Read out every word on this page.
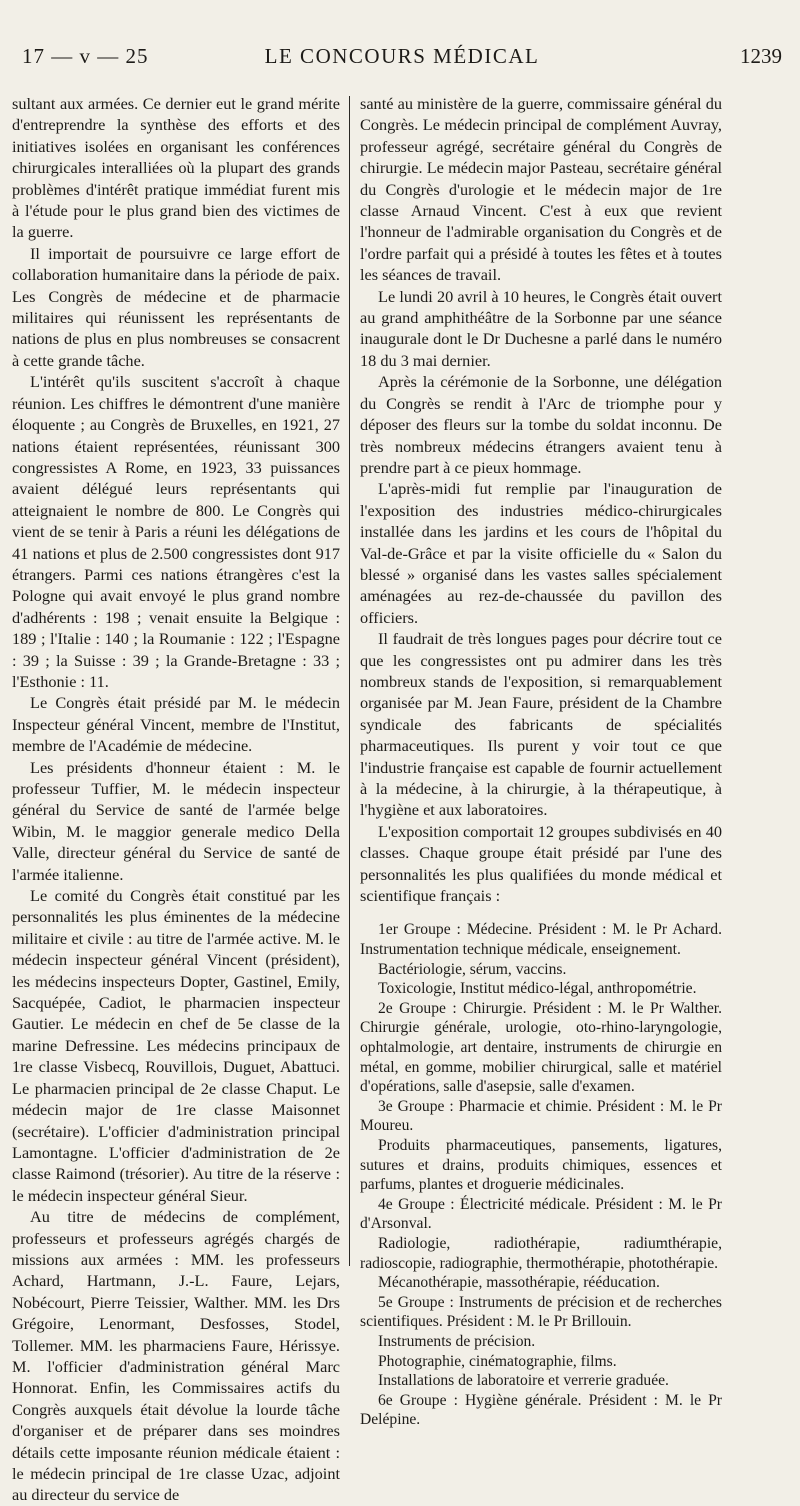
17 — v — 25	LE CONCOURS MÉDICAL	1239

sultant aux armées. Ce dernier eut le grand mérite d'entreprendre la synthèse des efforts et des initiatives isolées en organisant les conférences chirurgicales interalliées où la plupart des grands problèmes d'intérêt pratique immédiat furent mis à l'étude pour le plus grand bien des victimes de la guerre.

Il importait de poursuivre ce large effort de collaboration humanitaire dans la période de paix. Les Congrès de médecine et de pharmacie militaires qui réunissent les représentants de nations de plus en plus nombreuses se consacrent à cette grande tâche.

L'intérêt qu'ils suscitent s'accroît à chaque réunion. Les chiffres le démontrent d'une manière éloquente ; au Congrès de Bruxelles, en 1921, 27 nations étaient représentées, réunissant 300 congressistes A Rome, en 1923, 33 puissances avaient délégué leurs représentants qui atteignaient le nombre de 800. Le Congrès qui vient de se tenir à Paris a réuni les délégations de 41 nations et plus de 2.500 congressistes dont 917 étrangers. Parmi ces nations étrangères c'est la Pologne qui avait envoyé le plus grand nombre d'adhérents : 198 ; venait ensuite la Belgique : 189 ; l'Italie : 140 ; la Roumanie : 122 ; l'Espagne : 39 ; la Suisse : 39 ; la Grande-Bretagne : 33 ; l'Esthonie : 11.

Le Congrès était présidé par M. le médecin Inspecteur général Vincent, membre de l'Institut, membre de l'Académie de médecine.

Les présidents d'honneur étaient : M. le professeur Tuffier, M. le médecin inspecteur général du Service de santé de l'armée belge Wibin, M. le maggior generale medico Della Valle, directeur général du Service de santé de l'armée italienne.

Le comité du Congrès était constitué par les personnalités les plus éminentes de la médecine militaire et civile : au titre de l'armée active. M. le médecin inspecteur général Vincent (président), les médecins inspecteurs Dopter, Gastinel, Emily, Sacquépée, Cadiot, le pharmacien inspecteur Gautier. Le médecin en chef de 5e classe de la marine Defressine. Les médecins principaux de 1re classe Visbecq, Rouvillois, Duguet, Abattuci. Le pharmacien principal de 2e classe Chaput. Le médecin major de 1re classe Maisonnet (secrétaire). L'officier d'administration principal Lamontagne. L'officier d'administration de 2e classe Raimond (trésorier). Au titre de la réserve : le médecin inspecteur général Sieur.

Au titre de médecins de complément, professeurs et professeurs agrégés chargés de missions aux armées : MM. les professeurs Achard, Hartmann, J.-L. Faure, Lejars, Nobécourt, Pierre Teissier, Walther. MM. les Drs Grégoire, Lenormant, Desfosses, Stodel, Tollemer. MM. les pharmaciens Faure, Hérissye. M. l'officier d'administration général Marc Honnorat. Enfin, les Commissaires actifs du Congrès auxquels était dévolue la lourde tâche d'organiser et de préparer dans ses moindres détails cette imposante réunion médicale étaient : le médecin principal de 1re classe Uzac, adjoint au directeur du service de

santé au ministère de la guerre, commissaire général du Congrès. Le médecin principal de complément Auvray, professeur agrégé, secrétaire général du Congrès de chirurgie. Le médecin major Pasteau, secrétaire général du Congrès d'urologie et le médecin major de 1re classe Arnaud Vincent. C'est à eux que revient l'honneur de l'admirable organisation du Congrès et de l'ordre parfait qui a présidé à toutes les fêtes et à toutes les séances de travail.

Le lundi 20 avril à 10 heures, le Congrès était ouvert au grand amphithéâtre de la Sorbonne par une séance inaugurale dont le Dr Duchesne a parlé dans le numéro 18 du 3 mai dernier.

Après la cérémonie de la Sorbonne, une délégation du Congrès se rendit à l'Arc de triomphe pour y déposer des fleurs sur la tombe du soldat inconnu. De très nombreux médecins étrangers avaient tenu à prendre part à ce pieux hommage.

L'après-midi fut remplie par l'inauguration de l'exposition des industries médico-chirurgicales installée dans les jardins et les cours de l'hôpital du Val-de-Grâce et par la visite officielle du « Salon du blessé » organisé dans les vastes salles spécialement aménagées au rez-de-chaussée du pavillon des officiers.

Il faudrait de très longues pages pour décrire tout ce que les congressistes ont pu admirer dans les très nombreux stands de l'exposition, si remarquablement organisée par M. Jean Faure, président de la Chambre syndicale des fabricants de spécialités pharmaceutiques. Ils purent y voir tout ce que l'industrie française est capable de fournir actuellement à la médecine, à la chirurgie, à la thérapeutique, à l'hygiène et aux laboratoires.

L'exposition comportait 12 groupes subdivisés en 40 classes. Chaque groupe était présidé par l'une des personnalités les plus qualifiées du monde médical et scientifique français :

1er Groupe : Médecine. Président : M. le Pr Achard. Instrumentation technique médicale, enseignement.

Bactériologie, sérum, vaccins.

Toxicologie, Institut médico-légal, anthropométrie.

2e Groupe : Chirurgie. Président : M. le Pr Walther. Chirurgie générale, urologie, oto-rhino-laryngologie, ophtalmologie, art dentaire, instruments de chirurgie en métal, en gomme, mobilier chirurgical, salle et matériel d'opérations, salle d'asepsie, salle d'examen.

3e Groupe : Pharmacie et chimie. Président : M. le Pr Moureu.

Produits pharmaceutiques, pansements, ligatures, sutures et drains, produits chimiques, essences et parfums, plantes et droguerie médicinales.

4e Groupe : Électricité médicale. Président : M. le Pr d'Arsonval.

Radiologie, radiothérapie, radiumthérapie, radioscopie, radiographie, thermothérapie, photothérapie.

Mécanothérapie, massothérapie, rééducation.

5e Groupe : Instruments de précision et de recherches scientifiques. Président : M. le Pr Brillouin.

Instruments de précision.

Photographie, cinématographie, films.

Installations de laboratoire et verrerie graduée.

6e Groupe : Hygiène générale. Président : M. le Pr Delépine.
